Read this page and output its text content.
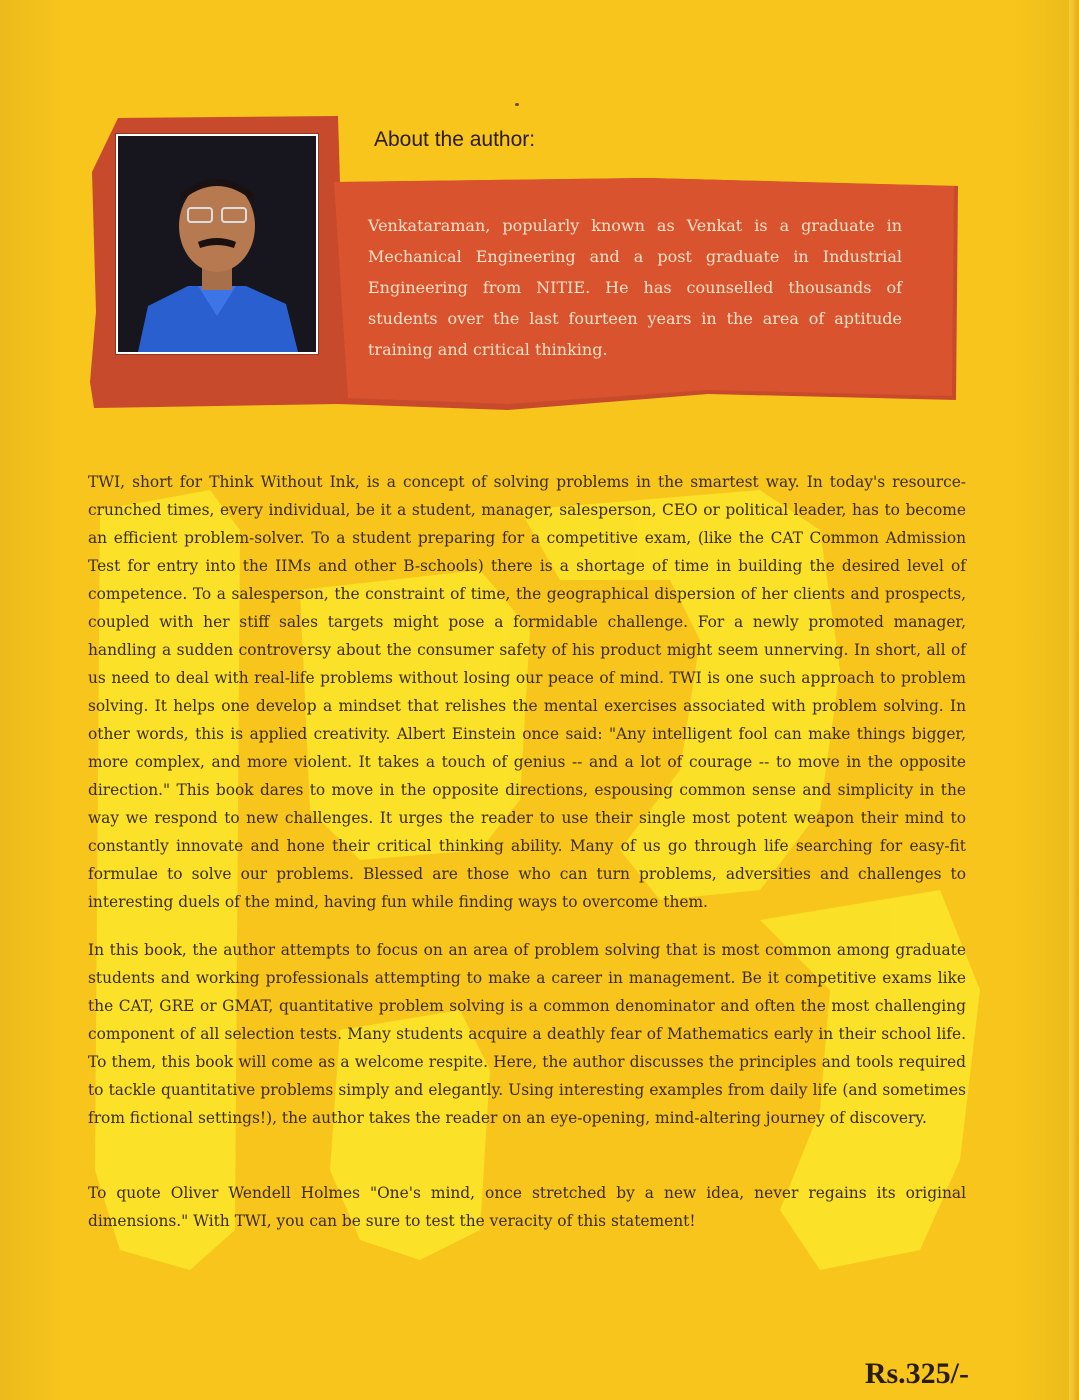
About the author:
Venkataraman, popularly known as Venkat is a graduate in Mechanical Engineering and a post graduate in Industrial Engineering from NITIE. He has counselled thousands of students over the last fourteen years in the area of aptitude training and critical thinking.
TWI, short for Think Without Ink, is a concept of solving problems in the smartest way. In today's resource-crunched times, every individual, be it a student, manager, salesperson, CEO or political leader, has to become an efficient problem-solver. To a student preparing for a competitive exam, (like the CAT Common Admission Test for entry into the IIMs and other B-schools) there is a shortage of time in building the desired level of competence. To a salesperson, the constraint of time, the geographical dispersion of her clients and prospects, coupled with her stiff sales targets might pose a formidable challenge. For a newly promoted manager, handling a sudden controversy about the consumer safety of his product might seem unnerving. In short, all of us need to deal with real-life problems without losing our peace of mind. TWI is one such approach to problem solving. It helps one develop a mindset that relishes the mental exercises associated with problem solving. In other words, this is applied creativity. Albert Einstein once said: "Any intelligent fool can make things bigger, more complex, and more violent. It takes a touch of genius -- and a lot of courage -- to move in the opposite direction." This book dares to move in the opposite directions, espousing common sense and simplicity in the way we respond to new challenges. It urges the reader to use their single most potent weapon their mind to constantly innovate and hone their critical thinking ability. Many of us go through life searching for easy-fit formulae to solve our problems. Blessed are those who can turn problems, adversities and challenges to interesting duels of the mind, having fun while finding ways to overcome them.
In this book, the author attempts to focus on an area of problem solving that is most common among graduate students and working professionals attempting to make a career in management. Be it competitive exams like the CAT, GRE or GMAT, quantitative problem solving is a common denominator and often the most challenging component of all selection tests. Many students acquire a deathly fear of Mathematics early in their school life. To them, this book will come as a welcome respite. Here, the author discusses the principles and tools required to tackle quantitative problems simply and elegantly. Using interesting examples from daily life (and sometimes from fictional settings!), the author takes the reader on an eye-opening, mind-altering journey of discovery.
To quote Oliver Wendell Holmes "One's mind, once stretched by a new idea, never regains its original dimensions." With TWI, you can be sure to test the veracity of this statement!
Rs.325/-
